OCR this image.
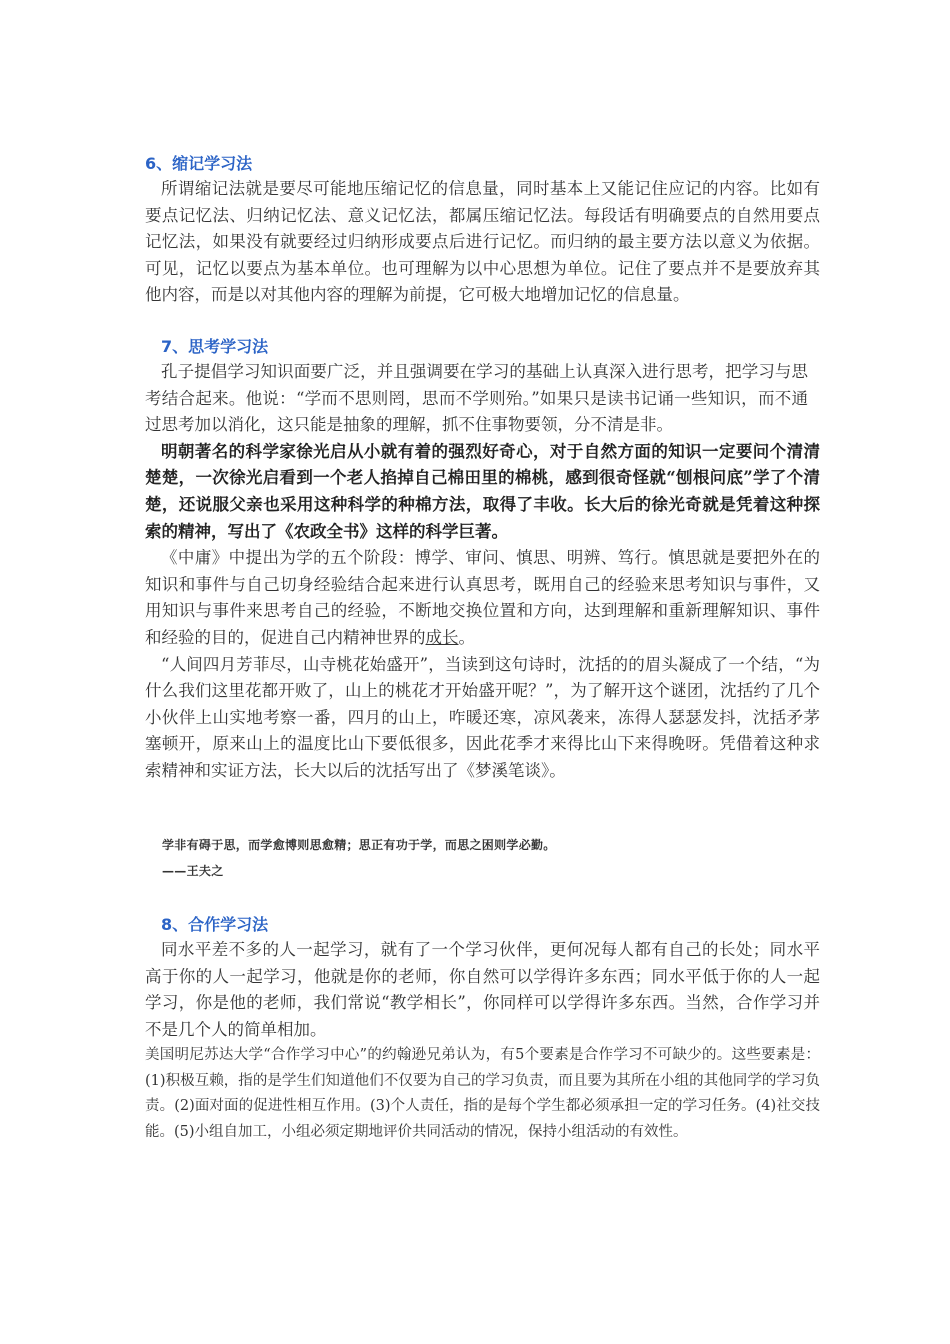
6、缩记学习法

所谓缩记法就是要尽可能地压缩记忆的信息量，同时基本上又能记住应记的内容。比如有要点记忆法、归纳记忆法、意义记忆法，都属压缩记忆法。每段话有明确要点的自然用要点记忆法，如果没有就要经过归纳形成要点后进行记忆。而归纳的最主要方法以意义为依据。可见，记忆以要点为基本单位。也可理解为以中心思想为单位。记住了要点并不是要放弃其他内容，而是以对其他内容的理解为前提，它可极大地增加记忆的信息量。

7、思考学习法

孔子提倡学习知识面要广泛，并且强调要在学习的基础上认真深入进行思考，把学习与思考结合起来。他说：“学而不思则罔，思而不学则殆。”如果只是读书记诵一些知识，而不通过思考加以消化，这只能是抽象的理解，抓不住事物要领，分不清是非。

明朝著名的科学家徐光启从小就有着的强烈好奇心，对于自然方面的知识一定要问个清清楚楚，一次徐光启看到一个老人掐掉自己棉田里的棉桃，感到很奇怪就“刨根问底”学了个清楚，还说服父亲也采用这种科学的种棉方法，取得了丰收。长大后的徐光奇就是凭着这种探索的精神，写出了《农政全书》这样的科学巨著。

《中庸》中提出为学的五个阶段：博学、审问、慎思、明辨、笃行。慎思就是要把外在的知识和事件与自己切身经验结合起来进行认真思考，既用自己的经验来思考知识与事件，又用知识与事件来思考自己的经验，不断地交换位置和方向，达到理解和重新理解知识、事件和经验的目的，促进自己内精神世界的成长。

“人间四月芳菲尽，山寺桃花始盛开”，当读到这句诗时，沈括的的眉头凝成了一个结，“为什么我们这里花都开败了，山上的桃花才开始盛开呢？”，为了解开这个谜团，沈括约了几个小伙伴上山实地考察一番，四月的山上，咋暖还寒，凉风袭来，冻得人瑟瑟发抖，沈括矛茅塞顿开，原来山上的温度比山下要低很多，因此花季才来得比山下来得晚呀。凭借着这种求索精神和实证方法，长大以后的沈括写出了《梦溪笔谈》。

学非有碍于思，而学愈博则思愈精；思正有功于学，而思之困则学必勤。
——王夫之
8、合作学习法

同水平差不多的人一起学习，就有了一个学习伙伴，更何况每人都有自己的长处；同水平高于你的人一起学习，他就是你的老师，你自然可以学得许多东西；同水平低于你的人一起学习，你是他的老师，我们常说“教学相长”，你同样可以学得许多东西。当然，合作学习并不是几个人的简单相加。

美国明尼苏达大学“合作学习中心”的约翰逊兄弟认为，有5个要素是合作学习不可缺少的。这些要素是：(1)积极互赖，指的是学生们知道他们不仅要为自己的学习负责，而且要为其所在小组的其他同学的学习负责。(2)面对面的促进性相互作用。(3)个人责任，指的是每个学生都必须承担一定的学习任务。(4)社交技能。(5)小组自加工，小组必须定期地评价共同活动的情况，保持小组活动的有效性。
